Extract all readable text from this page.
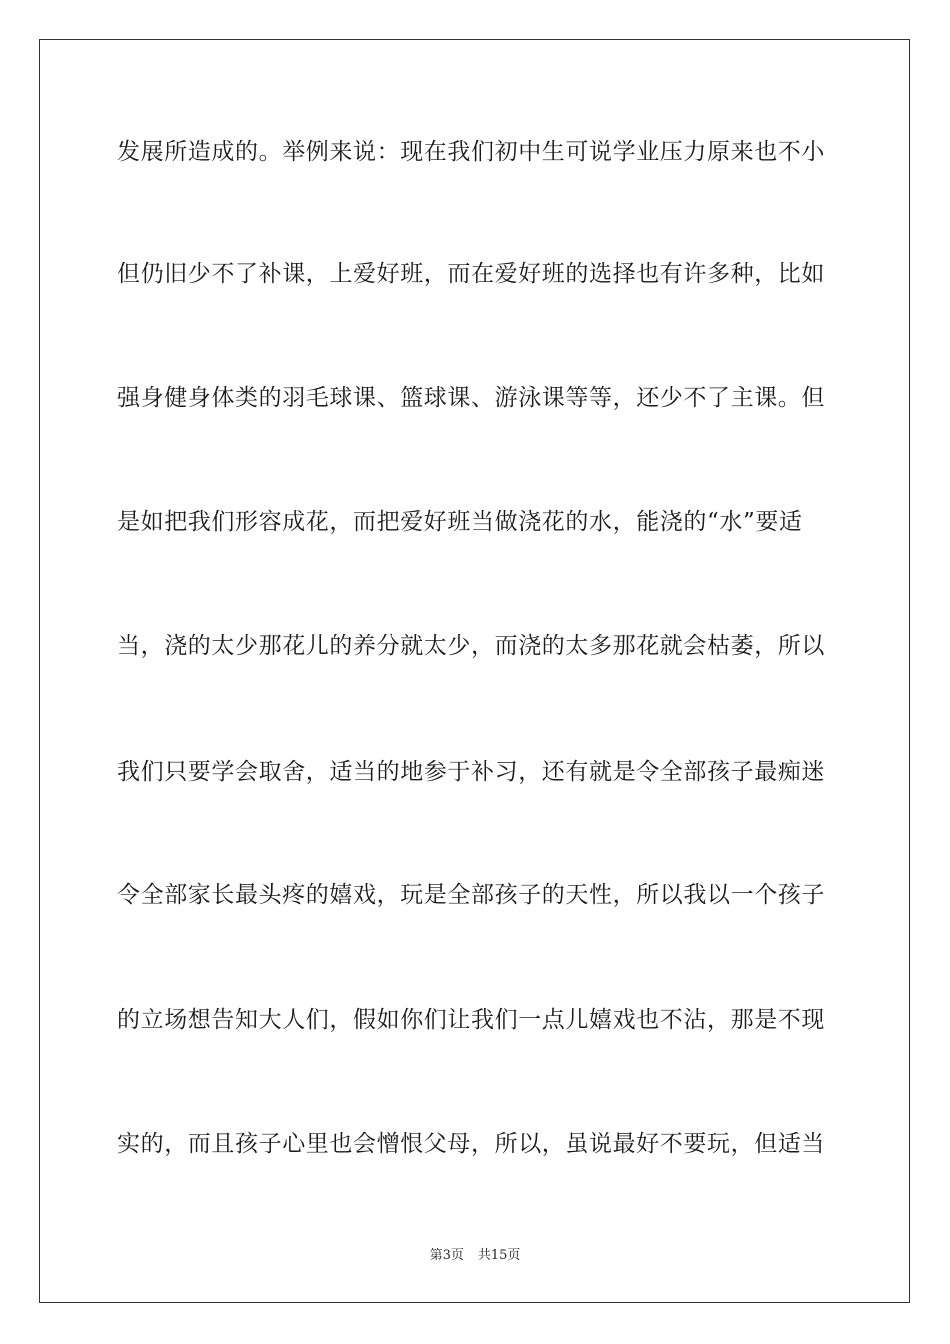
发展所造成的。举例来说：现在我们初中生可说学业压力原来也不小
但仍旧少不了补课，上爱好班，而在爱好班的选择也有许多种，比如
强身健身体类的羽毛球课、篮球课、游泳课等等，还少不了主课。但
是如把我们形容成花，而把爱好班当做浇花的水，能浇的“水”要适
当，浇的太少那花儿的养分就太少，而浇的太多那花就会枯萎，所以
我们只要学会取舍，适当的地参于补习，还有就是令全部孩子最痴迷
令全部家长最头疼的嬉戏，玩是全部孩子的天性，所以我以一个孩子
的立场想告知大人们，假如你们让我们一点儿嬉戏也不沾，那是不现
实的，而且孩子心里也会憎恨父母，所以，虽说最好不要玩，但适当
第3页 共15页
